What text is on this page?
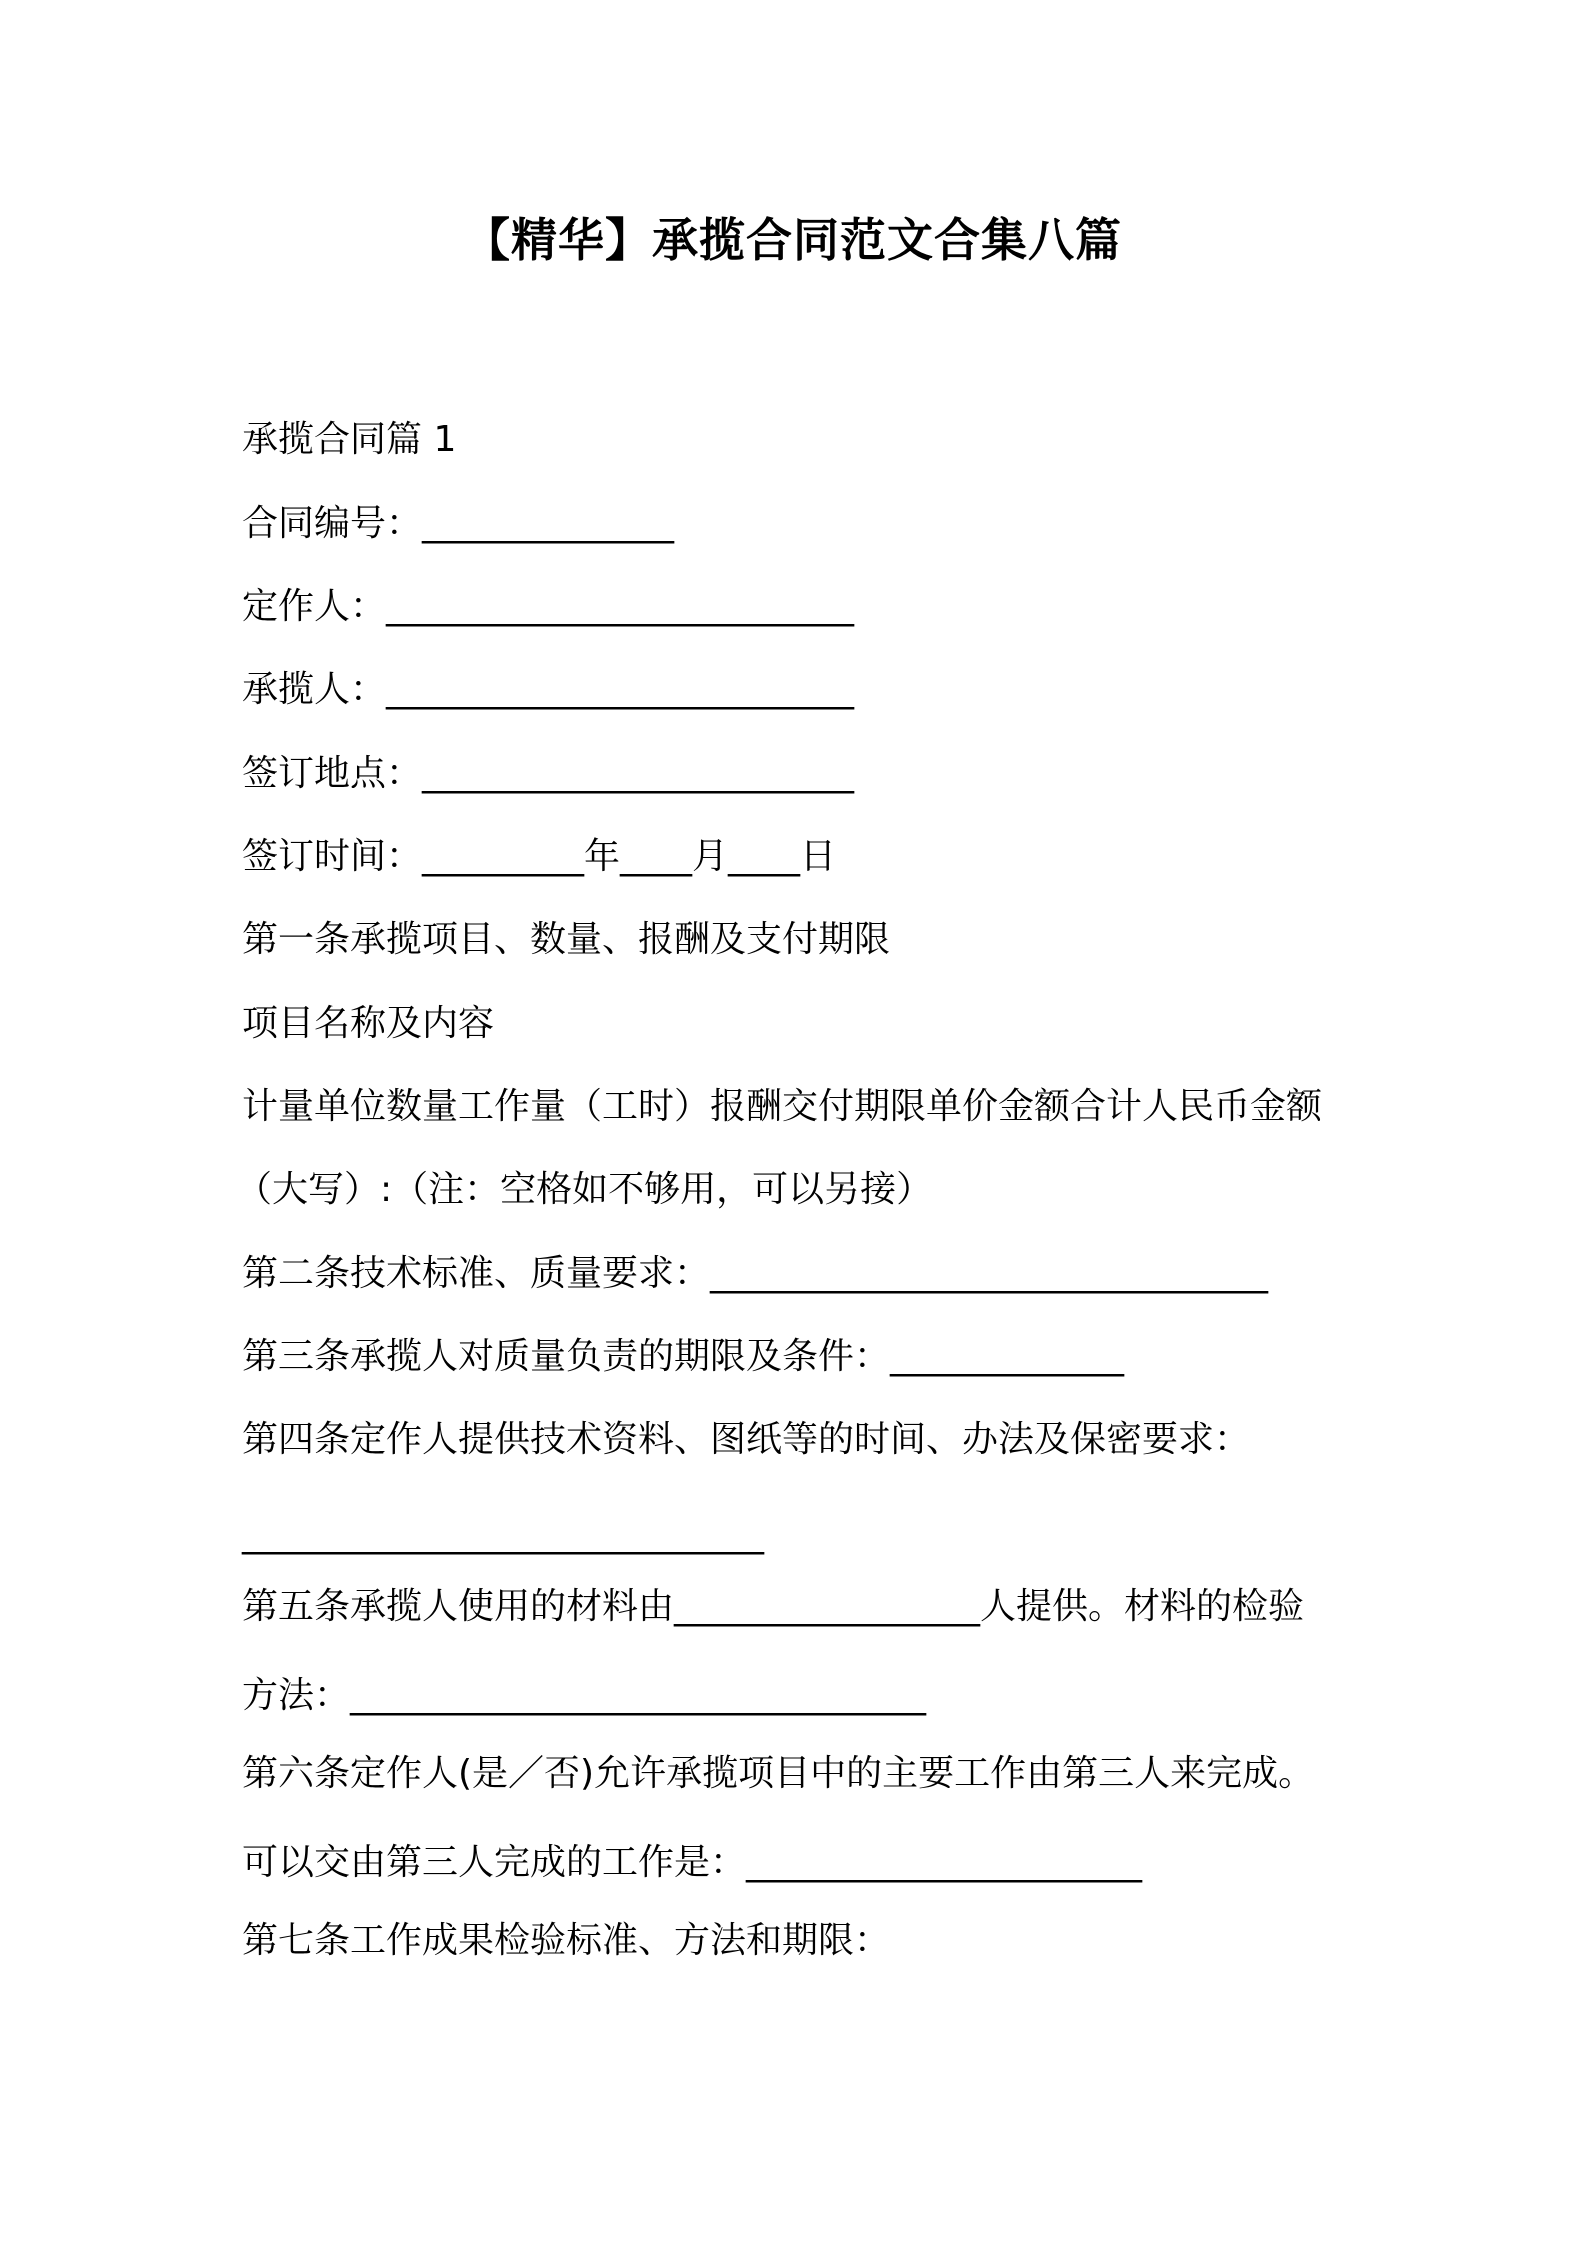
【精华】承揽合同范文合集八篇
承揽合同篇 1
合同编号：______________
定作人：__________________________
承揽人：__________________________
签订地点：________________________
签订时间：_________年____月____日
第一条承揽项目、数量、报酬及支付期限
项目名称及内容
计量单位数量工作量（工时）报酬交付期限单价金额合计人民币金额
（大写）:（注：空格如不够用，可以另接）
第二条技术标准、质量要求：_______________________________
第三条承揽人对质量负责的期限及条件：_____________
第四条定作人提供技术资料、图纸等的时间、办法及保密要求：
_____________________________
第五条承揽人使用的材料由_________________人提供。材料的检验
方法：________________________________
第六条定作人(是／否)允许承揽项目中的主要工作由第三人来完成。
可以交由第三人完成的工作是：______________________
第七条工作成果检验标准、方法和期限：
